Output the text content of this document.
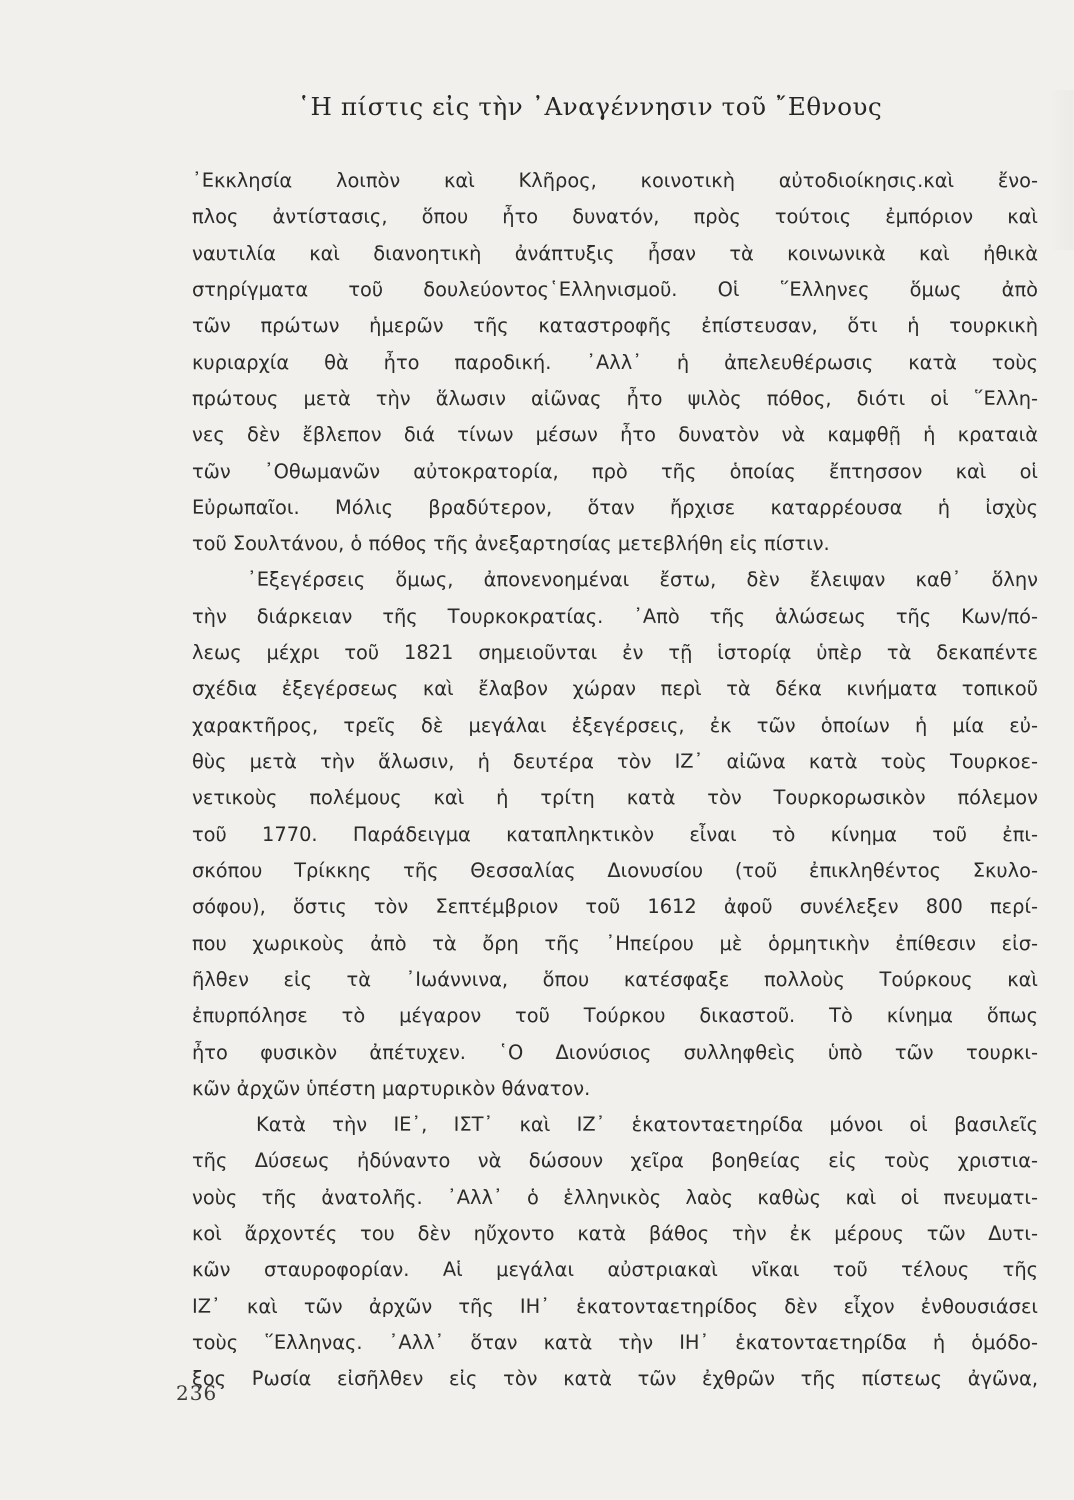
῾Η πίστις εἰς τὴν ᾿Αναγέννησιν τοῦ ῎Εθνους
᾿Εκκλησία λοιπὸν καὶ Κλῆρος, κοινοτικὴ αὐτοδιοίκησις.καὶ ἔνο-
πλος ἀντίστασις, ὅπου ἦτο δυνατόν, πρὸς τούτοις ἐμπόριον καὶ
ναυτιλία καὶ διανοητικὴ ἀνάπτυξις ἦσαν τὰ κοινωνικὰ καὶ ἠθικὰ
στηρίγματα τοῦ δουλεύοντος῾Ελληνισμοῦ. Οἱ ῞Ελληνες ὅμως ἀπὸ
τῶν πρώτων ἡμερῶν τῆς καταστροφῆς ἐπίστευσαν, ὅτι ἡ τουρκικὴ
κυριαρχία θὰ ἦτο παροδική. ᾿Αλλ᾿ ἡ ἀπελευθέρωσις κατὰ τοὺς
πρώτους μετὰ τὴν ἅλωσιν αἰῶνας ἦτο ψιλὸς πόθος, διότι οἱ ῞Ελλη-
νες δὲν ἔβλεπον διά τίνων μέσων ἦτο δυνατὸν νὰ καμφθῇ ἡ κραταιὰ
τῶν ᾿Οθωμανῶν αὐτοκρατορία, πρὸ τῆς ὁποίας ἔπτησσον καὶ οἱ
Εὐρωπαῖοι. Μόλις βραδύτερον, ὅταν ἤρχισε καταρρέουσα ἡ ἰσχὺς
τοῦ Σουλτάνου, ὁ πόθος τῆς ἀνεξαρτησίας μετεβλήθη εἰς πίστιν.
᾿Εξεγέρσεις ὅμως, ἀπονενοημέναι ἔστω, δὲν ἔλειψαν καθ᾿ ὅλην
τὴν διάρκειαν τῆς Τουρκοκρατίας. ᾿Απὸ τῆς ἁλώσεως τῆς Κων/πό-
λεως μέχρι τοῦ 1821 σημειοῦνται ἐν τῇ ἱστορίᾳ ὑπὲρ τὰ δεκαπέντε
σχέδια ἐξεγέρσεως καὶ ἔλαβον χώραν περὶ τὰ δέκα κινήματα τοπικοῦ
χαρακτῆρος, τρεῖς δὲ μεγάλαι ἐξεγέρσεις, ἐκ τῶν ὁποίων ἡ μία εὐ-
θὺς μετὰ τὴν ἅλωσιν, ἡ δευτέρα τὸν ΙΖ᾿ αἰῶνα κατὰ τοὺς Τουρκοε-
νετικοὺς πολέμους καὶ ἡ τρίτη κατὰ τὸν Τουρκορωσικὸν πόλεμον
τοῦ 1770. Παράδειγμα καταπληκτικὸν εἶναι τὸ κίνημα τοῦ ἐπι-
σκόπου Τρίκκης τῆς Θεσσαλίας Διονυσίου (τοῦ ἐπικληθέντος Σκυλο-
σόφου), ὅστις τὸν Σεπτέμβριον τοῦ 1612 ἀφοῦ συνέλεξεν 800 περί-
που χωρικοὺς ἀπὸ τὰ ὄρη τῆς ᾿Ηπείρου μὲ ὁρμητικὴν ἐπίθεσιν εἰσ-
ῆλθεν εἰς τὰ ᾿Ιωάννινα, ὅπου κατέσφαξε πολλοὺς Τούρκους καὶ
ἐπυρπόλησε τὸ μέγαρον τοῦ Τούρκου δικαστοῦ. Τὸ κίνημα ὅπως
ἦτο φυσικὸν ἀπέτυχεν. ῾Ο Διονύσιος συλληφθεὶς ὑπὸ τῶν τουρκι-
κῶν ἀρχῶν ὑπέστη μαρτυρικὸν θάνατον.
Κατὰ τὴν ΙΕ᾿, ΙΣΤ᾿ καὶ ΙΖ᾿ ἑκατονταετηρίδα μόνοι οἱ βασιλεῖς
τῆς Δύσεως ἠδύναντο νὰ δώσουν χεῖρα βοηθείας εἰς τοὺς χριστια-
νοὺς τῆς ἀνατολῆς. ᾿Αλλ᾿ ὁ ἑλληνικὸς λαὸς καθὼς καὶ οἱ πνευματι-
κοὶ ἄρχοντές του δὲν ηὔχοντο κατὰ βάθος τὴν ἐκ μέρους τῶν Δυτι-
κῶν σταυροφορίαν. Αἱ μεγάλαι αὐστριακαὶ νῖκαι τοῦ τέλους τῆς
ΙΖ᾿ καὶ τῶν ἀρχῶν τῆς ΙΗ᾿ ἑκατονταετηρίδος δὲν εἶχον ἐνθουσιάσει
τοὺς ῞Ελληνας. ᾿Αλλ᾿ ὅταν κατὰ τὴν ΙΗ᾿ ἑκατονταετηρίδα ἡ ὁμόδο-
ξος Ρωσία εἰσῆλθεν εἰς τὸν κατὰ τῶν ἐχθρῶν τῆς πίστεως ἀγῶνα,

236
